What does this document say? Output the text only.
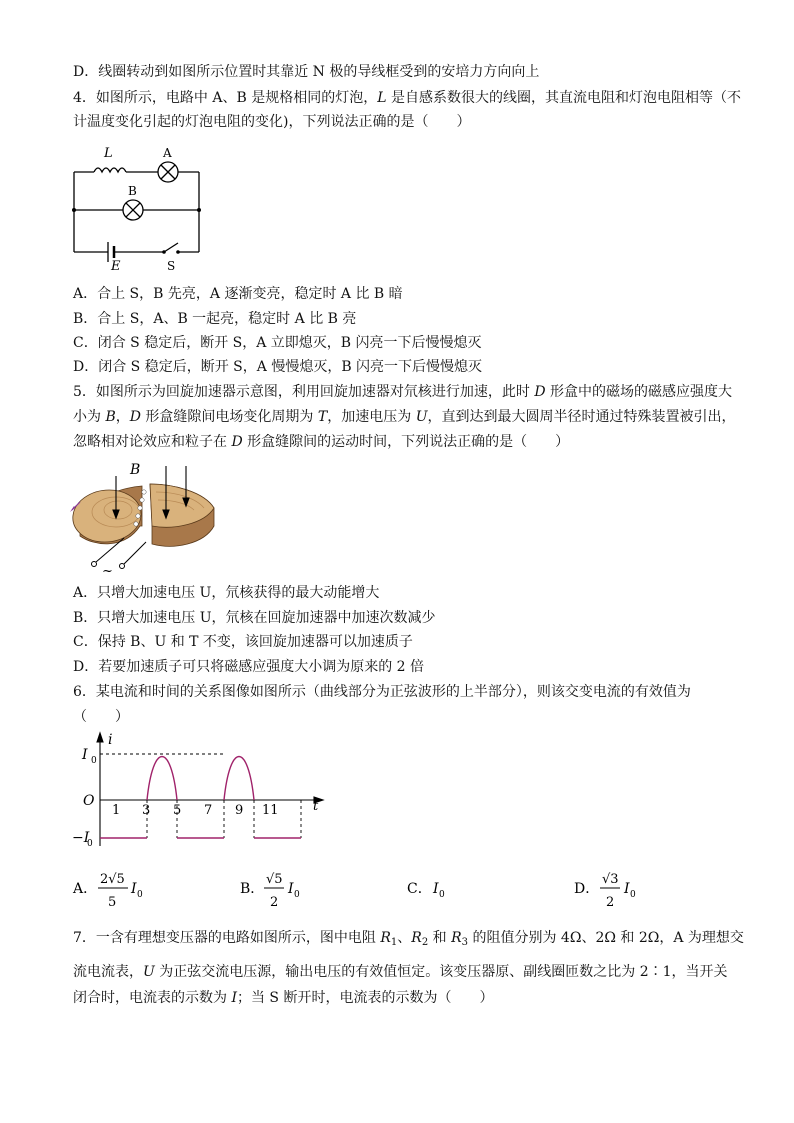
D．线圈转动到如图所示位置时其靠近 N 极的导线框受到的安培力方向向上
4．如图所示，电路中 A、B 是规格相同的灯泡，L 是自感系数很大的线圈，其直流电阻和灯泡电阻相等（不
计温度变化引起的灯泡电阻的变化)，下列说法正确的是（　　）
L	A
B
E	S
A．合上 S，B 先亮，A 逐渐变亮，稳定时 A 比 B 暗
B．合上 S，A、B 一起亮，稳定时 A 比 B 亮
C．闭合 S 稳定后，断开 S，A 立即熄灭，B 闪亮一下后慢慢熄灭
D．闭合 S 稳定后，断开 S，A 慢慢熄灭，B 闪亮一下后慢慢熄灭
5．如图所示为回旋加速器示意图，利用回旋加速器对氘核进行加速，此时 D 形盒中的磁场的磁感应强度大
小为 B，D 形盒缝隙间电场变化周期为 T，加速电压为 U，直到达到最大圆周半径时通过特殊装置被引出，
忽略相对论效应和粒子在 D 形盒缝隙间的运动时间，下列说法正确的是（　　）
B
~
A．只增大加速电压 U，氘核获得的最大动能增大
B．只增大加速电压 U，氘核在回旋加速器中加速次数减少
C．保持 B、U 和 T 不变，该回旋加速器可以加速质子
D．若要加速质子可只将磁感应强度大小调为原来的 2 倍
6．某电流和时间的关系图像如图所示（曲线部分为正弦波形的上半部分），则该交变电流的有效值为
（　　）
i
t
O
I 0
−I
0
1 3 5 7 9 11
A．
2√5
5
I 0	B．
√5
2
I 0	C． I 0	D．
√3
2
I 0
7．一含有理想变压器的电路如图所示，图中电阻 $R_1$、$R_2$ 和 $R_3$ 的阻值分别为 4Ω、2Ω 和 2Ω，A 为理想交
流电流表，U 为正弦交流电压源，输出电压的有效值恒定。该变压器原、副线圈匝数之比为 2∶1，当开关
闭合时，电流表的示数为 I；当 S 断开时，电流表的示数为（　　）
